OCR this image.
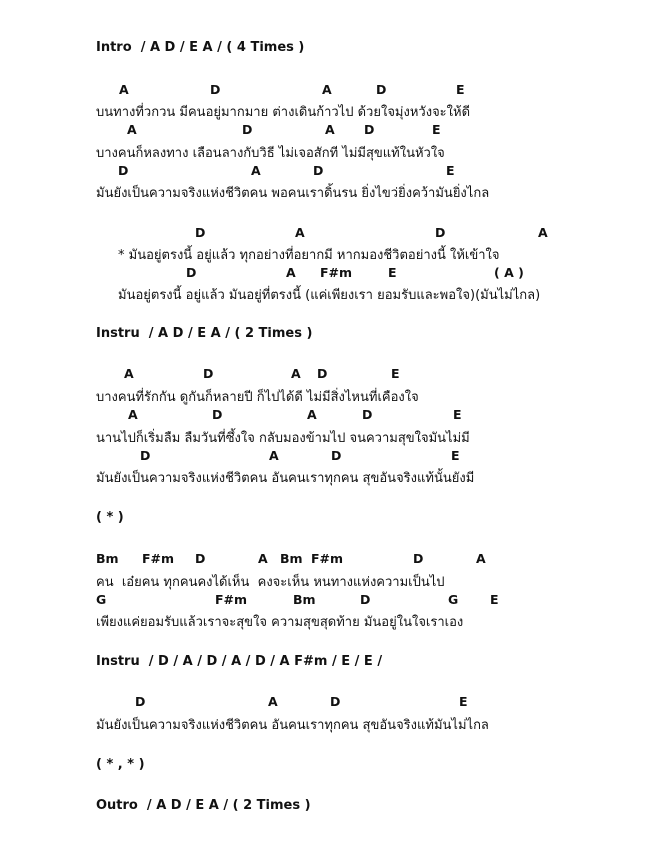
Intro  / A D / E A / ( 4 Times )
A	D	A	D	E
บนทางที่วกวน มีคนอยู่มากมาย ต่างเดินก้าวไป ด้วยใจมุ่งหวังจะให้ดี
A	D	A D	E
บางคนก็หลงทาง เลือนลางกับวิธี ไม่เจอสักที ไม่มีสุขแท้ในหัวใจ
D	A	D	E
มันยังเป็นความจริงแห่งชีวิตคน พอคนเราดิ้นรน ยิ่งไขว่ยิ่งคว้ามันยิ่งไกล
D	A	D	A
* มันอยู่ตรงนี้ อยู่แล้ว ทุกอย่างที่อยากมี หากมองชีวิตอย่างนี้ ให้เข้าใจ
D	A F#m	E	( A )
มันอยู่ตรงนี้ อยู่แล้ว มันอยู่ที่ตรงนี้ (แค่เพียงเรา ยอมรับและพอใจ)(มันไม่ไกล)
Instru  / A D / E A / ( 2 Times )
A	D	A D	E
บางคนที่รักกัน ดูกันก็หลายปี ก็ไปได้ดี ไม่มีสิ่งไหนที่เคืองใจ
A	D	A	D	E
นานไปก็เริ่มลืม ลืมวันที่ซึ้งใจ กลับมองข้ามไป จนความสุขใจมันไม่มี
D	A	D	E
มันยังเป็นความจริงแห่งชีวิตคน อันคนเราทุกคน สุขอันจริงแท้นั้นยังมี
( * )
Bm F#m D	A Bm F#m	D	A
คน  เอ๋ยคน ทุกคนคงได้เห็น  คงจะเห็น หนทางแห่งความเป็นไป
G	F#m	Bm	D	G	E
เพียงแค่ยอมรับแล้วเราจะสุขใจ ความสุขสุดท้าย มันอยู่ในใจเราเอง
Instru  / D / A / D / A / D / A F#m / E / E /
D	A	D	E
มันยังเป็นความจริงแห่งชีวิตคน อันคนเราทุกคน สุขอันจริงแท้มันไม่ไกล
( * , * )
Outro  / A D / E A / ( 2 Times )
